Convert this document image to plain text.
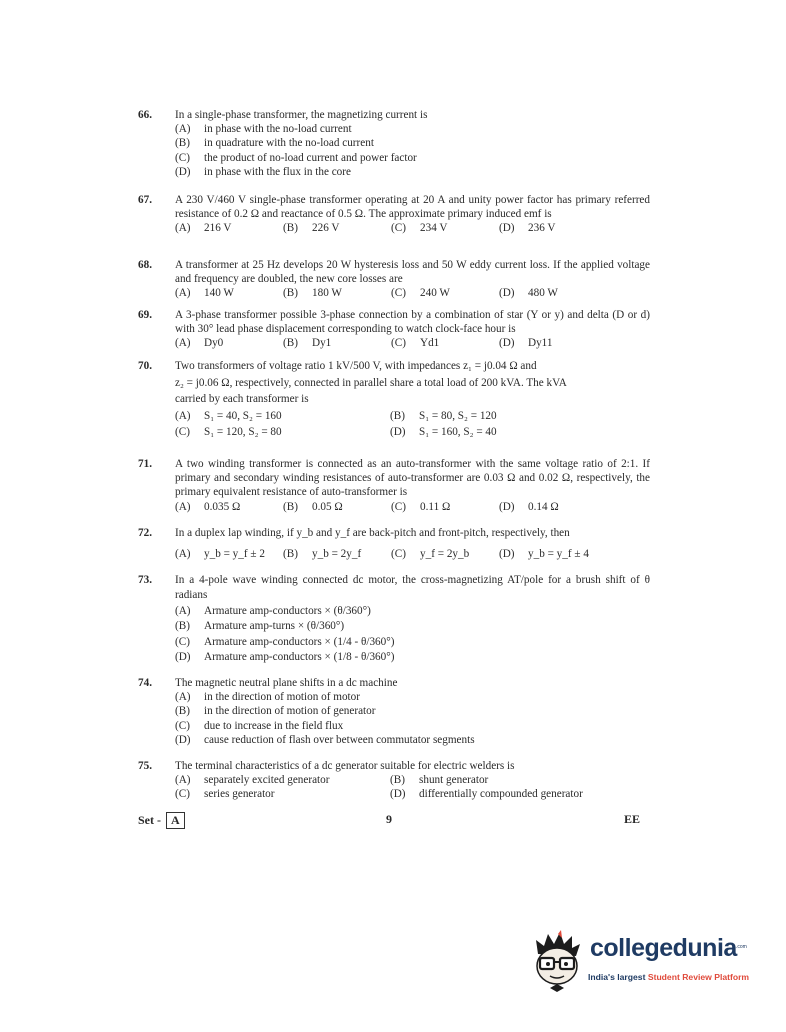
66. In a single-phase transformer, the magnetizing current is
(A)	in phase with the no-load current
(B)	in quadrature with the no-load current
(C)	the product of no-load current and power factor
(D)	in phase with the flux in the core
67. A 230 V/460 V single-phase transformer operating at 20 A and unity power factor has primary referred resistance of 0.2 Ω and reactance of 0.5 Ω. The approximate primary induced emf is
(A)	216 V	(B)	226 V	(C)	234 V	(D)	236 V
68. A transformer at 25 Hz develops 20 W hysteresis loss and 50 W eddy current loss. If the applied voltage and frequency are doubled, the new core losses are
(A)	140 W	(B)	180 W	(C)	240 W	(D)	480 W
69. A 3-phase transformer possible 3-phase connection by a combination of star (Y or y) and delta (D or d) with 30° lead phase displacement corresponding to watch clock-face hour is
(A)	Dy0	(B)	Dy1	(C)	Yd1	(D)	Dy11
70. Two transformers of voltage ratio 1 kV/500 V, with impedances z₁ = j0.04 Ω and
z₂ = j0.06 Ω, respectively, connected in parallel share a total load of 200 kVA. The kVA
carried by each transformer is
(A)	S₁ = 40, S₂ = 160	(B)	S₁ = 80, S₂ = 120
(C)	S₁ = 120, S₂ = 80	(D)	S₁ = 160, S₂ = 40
71. A two winding transformer is connected as an auto-transformer with the same voltage ratio of 2:1. If primary and secondary winding resistances of auto-transformer are 0.03 Ω and 0.02 Ω, respectively, the primary equivalent resistance of auto-transformer is
(A)	0.035 Ω	(B)	0.05 Ω	(C)	0.11 Ω	(D)	0.14 Ω
72. In a duplex lap winding, if y_b and y_f are back-pitch and front-pitch, respectively, then
(A)	y_b = y_f ± 2 (B)	y_b = 2y_f	(C)	y_f = 2y_b	(D)	y_b = y_f ± 4
73. In a 4-pole wave winding connected dc motor, the cross-magnetizing AT/pole for a brush shift of θ radians
(A)	Armature amp-conductors × (θ/360°)
(B)	Armature amp-turns × (θ/360°)
(C)	Armature amp-conductors × (1/4 - θ/360°)
(D)	Armature amp-conductors × (1/8 - θ/360°)
74. The magnetic neutral plane shifts in a dc machine
(A)	in the direction of motion of motor
(B)	in the direction of motion of generator
(C)	due to increase in the field flux
(D)	cause reduction of flash over between commutator segments
75. The terminal characteristics of a dc generator suitable for electric welders is
(A)	separately excited generator	(B)	shunt generator
(C)	series generator	(D)	differentially compounded generator
Set - A	9	EE
collegedunia .com
India's largest Student Review Platform
